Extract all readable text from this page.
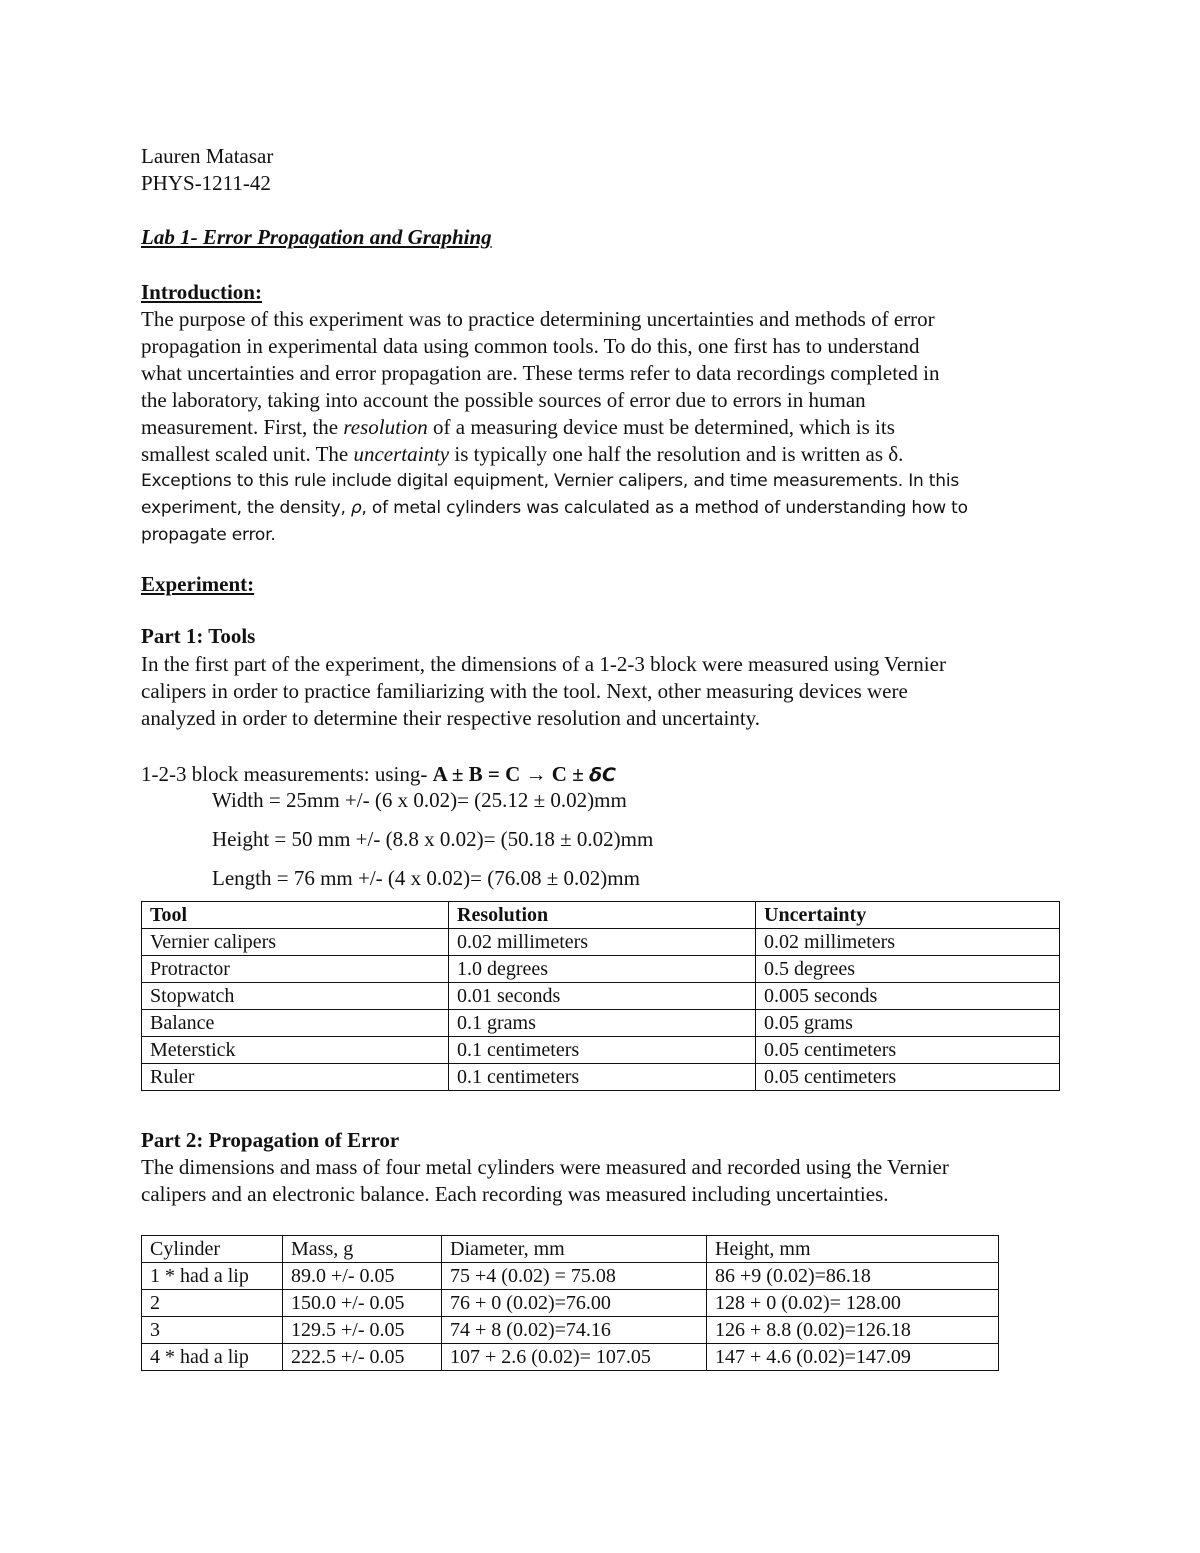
Lauren Matasar
PHYS-1211-42
Lab 1- Error Propagation and Graphing
Introduction:
The purpose of this experiment was to practice determining uncertainties and methods of error
propagation in experimental data using common tools. To do this, one first has to understand
what uncertainties and error propagation are. These terms refer to data recordings completed in
the laboratory, taking into account the possible sources of error due to errors in human
measurement. First, the resolution of a measuring device must be determined, which is its
smallest scaled unit. The uncertainty is typically one half the resolution and is written as δ.
Exceptions to this rule include digital equipment, Vernier calipers, and time measurements. In this
experiment, the density, ρ, of metal cylinders was calculated as a method of understanding how to
propagate error.
Experiment:
Part 1: Tools
In the first part of the experiment, the dimensions of a 1-2-3 block were measured using Vernier
calipers in order to practice familiarizing with the tool. Next, other measuring devices were
analyzed in order to determine their respective resolution and uncertainty.
1-2-3 block measurements: using- A ± B = C → C ± δC
Width = 25mm +/- (6 x 0.02)= (25.12 ± 0.02)mm
Height = 50 mm +/- (8.8 x 0.02)= (50.18 ± 0.02)mm
Length = 76 mm +/- (4 x 0.02)= (76.08 ± 0.02)mm
Tool	Resolution	Uncertainty
Vernier calipers	0.02 millimeters	0.02 millimeters
Protractor	1.0 degrees	0.5 degrees
Stopwatch	0.01 seconds	0.005 seconds
Balance	0.1 grams	0.05 grams
Meterstick	0.1 centimeters	0.05 centimeters
Ruler	0.1 centimeters	0.05 centimeters
Part 2: Propagation of Error
The dimensions and mass of four metal cylinders were measured and recorded using the Vernier
calipers and an electronic balance. Each recording was measured including uncertainties.
Cylinder	Mass, g	Diameter, mm	Height, mm
1 * had a lip	89.0 +/- 0.05	75 +4 (0.02) = 75.08	86 +9 (0.02)=86.18
2	150.0 +/- 0.05	76 + 0 (0.02)=76.00	128 + 0 (0.02)= 128.00
3	129.5 +/- 0.05	74 + 8 (0.02)=74.16	126 + 8.8 (0.02)=126.18
4 * had a lip	222.5 +/- 0.05	107 + 2.6 (0.02)= 107.05	147 + 4.6 (0.02)=147.09
